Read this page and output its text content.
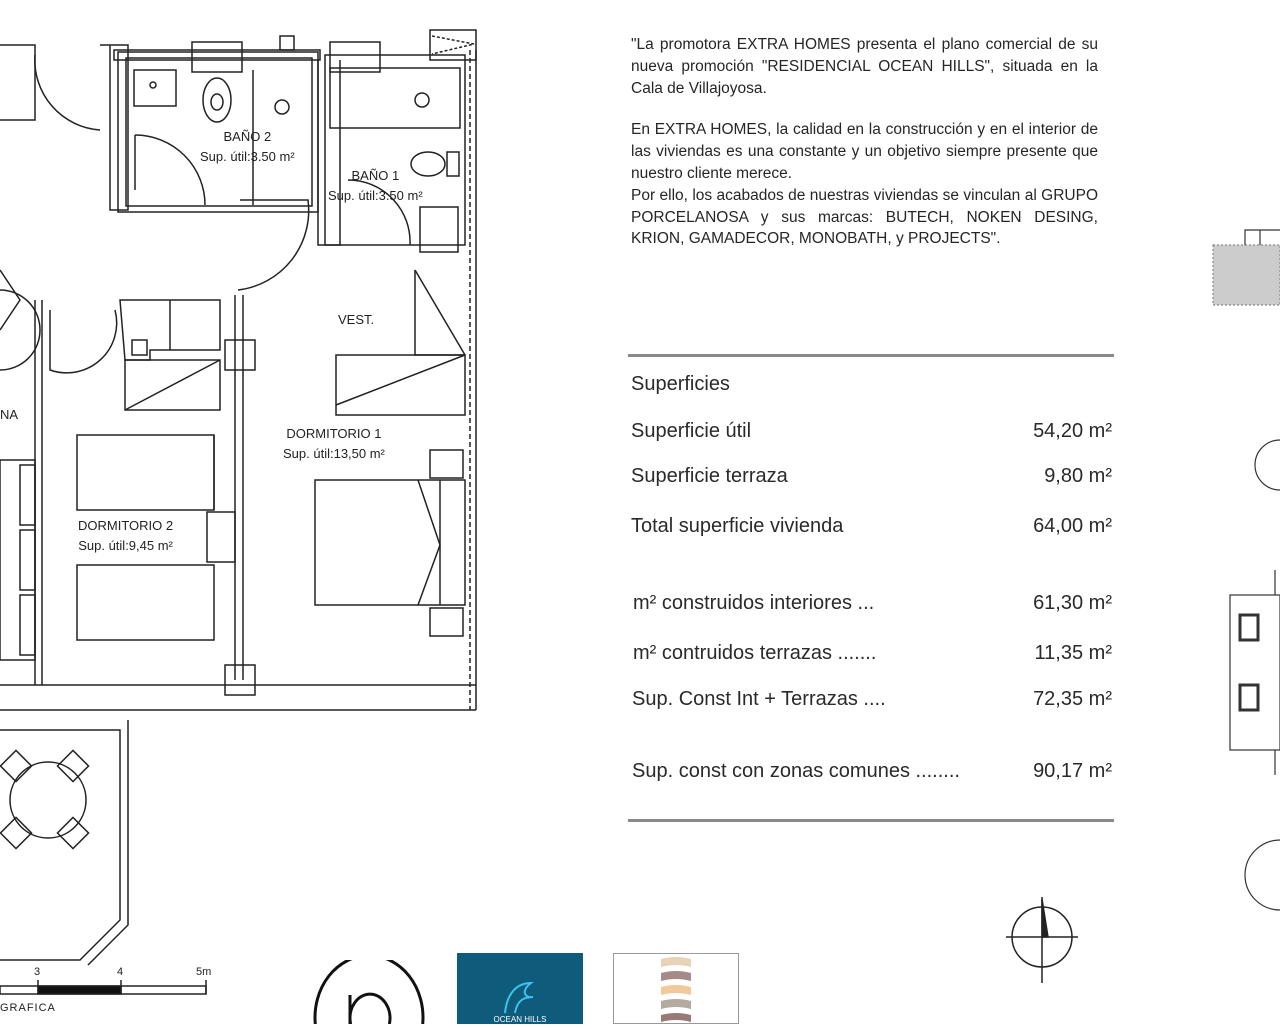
BAÑO 2
Sup. útil:3.50 m²
BAÑO 1
Sup. útil:3.50 m²
VEST.
DORMITORIO 1
Sup. útil:13,50 m²
DORMITORIO 2
Sup. útil:9,45 m²
NA
3	4	5m
GRAFICA

"La promotora EXTRA HOMES presenta el plano comercial de su nueva promoción "RESIDENCIAL OCEAN HILLS", situada en la Cala de Villajoyosa.

En EXTRA HOMES, la calidad en la construcción y en el interior de las viviendas es una constante y un objetivo siempre presente que nuestro cliente merece.

Por ello, los acabados de nuestras viviendas se vinculan al GRUPO PORCELANOSA y sus marcas: BUTECH, NOKEN DESING, KRION, GAMADECOR, MONOBATH, y PROJECTS".

Superficies
Superficie útil	54,20 m²
Superficie terraza	9,80 m²
Total superficie vivienda	64,00 m²
m² construidos interiores ...	61,30 m²
m² contruidos terrazas .......	11,35 m²
Sup. Const Int + Terrazas ....	72,35 m²
Sup. const con zonas comunes ........	90,17 m²
OCEAN HILLS
